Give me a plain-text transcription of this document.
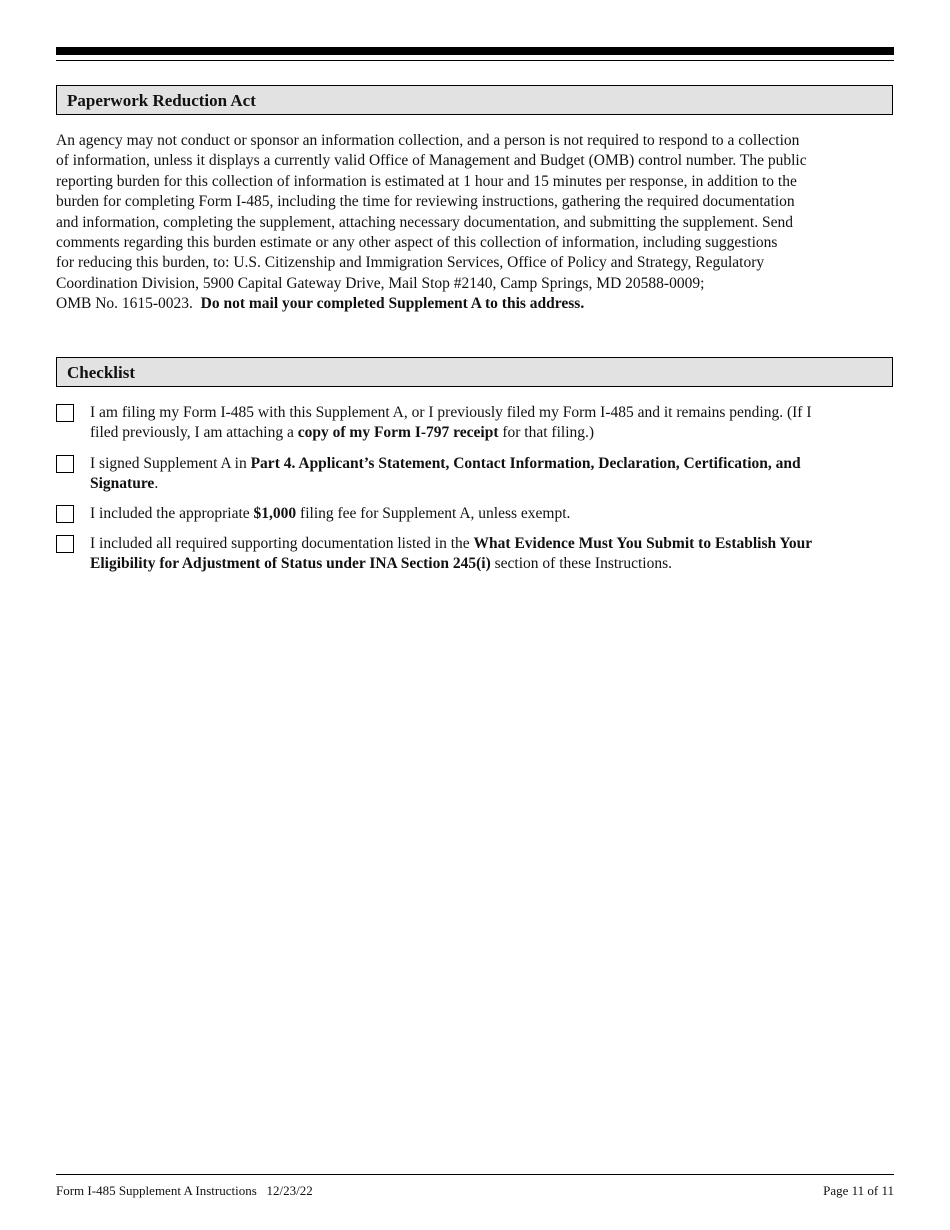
Paperwork Reduction Act
An agency may not conduct or sponsor an information collection, and a person is not required to respond to a collection
of information, unless it displays a currently valid Office of Management and Budget (OMB) control number. The public
reporting burden for this collection of information is estimated at 1 hour and 15 minutes per response, in addition to the
burden for completing Form I-485, including the time for reviewing instructions, gathering the required documentation
and information, completing the supplement, attaching necessary documentation, and submitting the supplement. Send
comments regarding this burden estimate or any other aspect of this collection of information, including suggestions
for reducing this burden, to: U.S. Citizenship and Immigration Services, Office of Policy and Strategy, Regulatory
Coordination Division, 5900 Capital Gateway Drive, Mail Stop #2140, Camp Springs, MD 20588-0009;
OMB No. 1615-0023.  Do not mail your completed Supplement A to this address.
Checklist
I am filing my Form I-485 with this Supplement A, or I previously filed my Form I-485 and it remains pending. (If I
filed previously, I am attaching a copy of my Form I-797 receipt for that filing.)
I signed Supplement A in Part 4. Applicant’s Statement, Contact Information, Declaration, Certification, and
Signature.
I included the appropriate $1,000 filing fee for Supplement A, unless exempt.
I included all required supporting documentation listed in the What Evidence Must You Submit to Establish Your
Eligibility for Adjustment of Status under INA Section 245(i) section of these Instructions.
Form I-485 Supplement A Instructions   12/23/22	Page 11 of 11
